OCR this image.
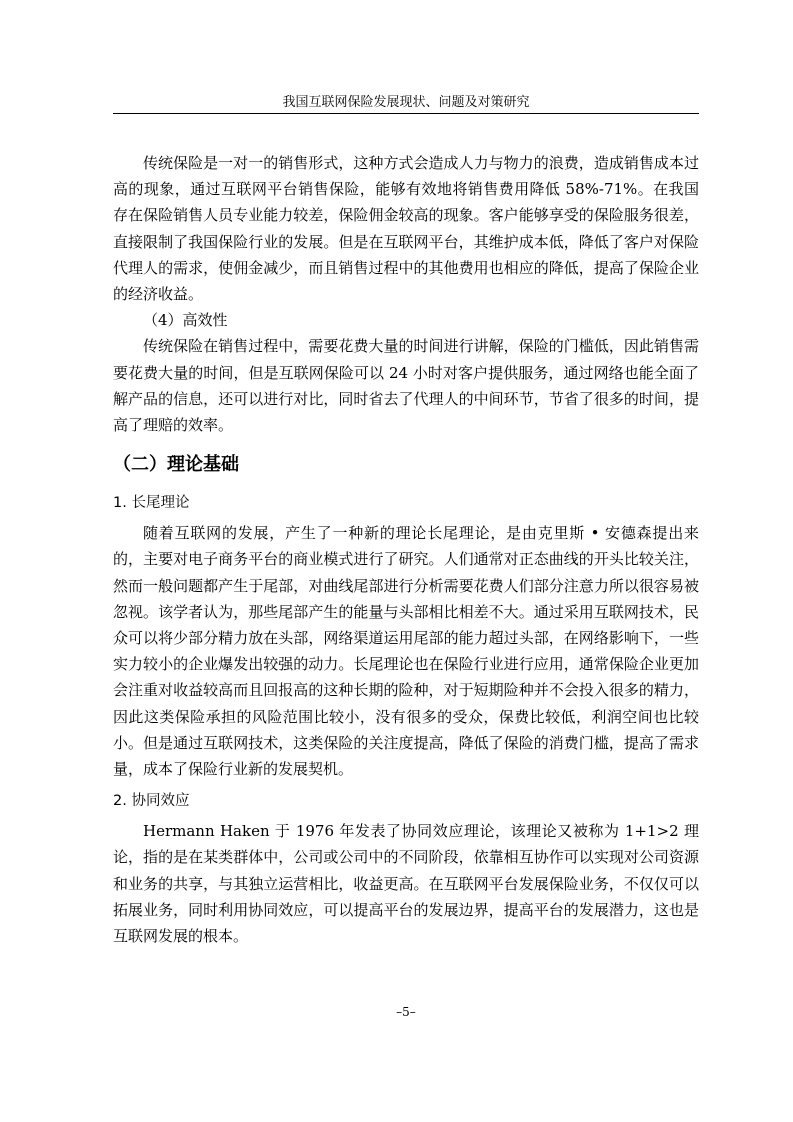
我国互联网保险发展现状、问题及对策研究

传统保险是一对一的销售形式，这种方式会造成人力与物力的浪费，造成销售成本过高的现象，通过互联网平台销售保险，能够有效地将销售费用降低 58%-71%。在我国存在保险销售人员专业能力较差，保险佣金较高的现象。客户能够享受的保险服务很差，直接限制了我国保险行业的发展。但是在互联网平台，其维护成本低，降低了客户对保险代理人的需求，使佣金减少，而且销售过程中的其他费用也相应的降低，提高了保险企业的经济收益。

（4）高效性

传统保险在销售过程中，需要花费大量的时间进行讲解，保险的门槛低，因此销售需要花费大量的时间，但是互联网保险可以 24 小时对客户提供服务，通过网络也能全面了解产品的信息，还可以进行对比，同时省去了代理人的中间环节，节省了很多的时间，提高了理赔的效率。

（二）理论基础
1. 长尾理论

随着互联网的发展，产生了一种新的理论长尾理论，是由克里斯 • 安德森提出来的，主要对电子商务平台的商业模式进行了研究。人们通常对正态曲线的开头比较关注，然而一般问题都产生于尾部，对曲线尾部进行分析需要花费人们部分注意力所以很容易被忽视。该学者认为，那些尾部产生的能量与头部相比相差不大。通过采用互联网技术，民众可以将少部分精力放在头部，网络渠道运用尾部的能力超过头部，在网络影响下，一些实力较小的企业爆发出较强的动力。长尾理论也在保险行业进行应用，通常保险企业更加会注重对收益较高而且回报高的这种长期的险种，对于短期险种并不会投入很多的精力，因此这类保险承担的风险范围比较小，没有很多的受众，保费比较低，利润空间也比较小。但是通过互联网技术，这类保险的关注度提高，降低了保险的消费门槛，提高了需求量，成本了保险行业新的发展契机。

2. 协同效应

Hermann Haken 于 1976 年发表了协同效应理论，该理论又被称为 1+1>2 理论，指的是在某类群体中，公司或公司中的不同阶段，依靠相互协作可以实现对公司资源和业务的共享，与其独立运营相比，收益更高。在互联网平台发展保险业务，不仅仅可以拓展业务，同时利用协同效应，可以提高平台的发展边界，提高平台的发展潜力，这也是互联网发展的根本。

–5–
